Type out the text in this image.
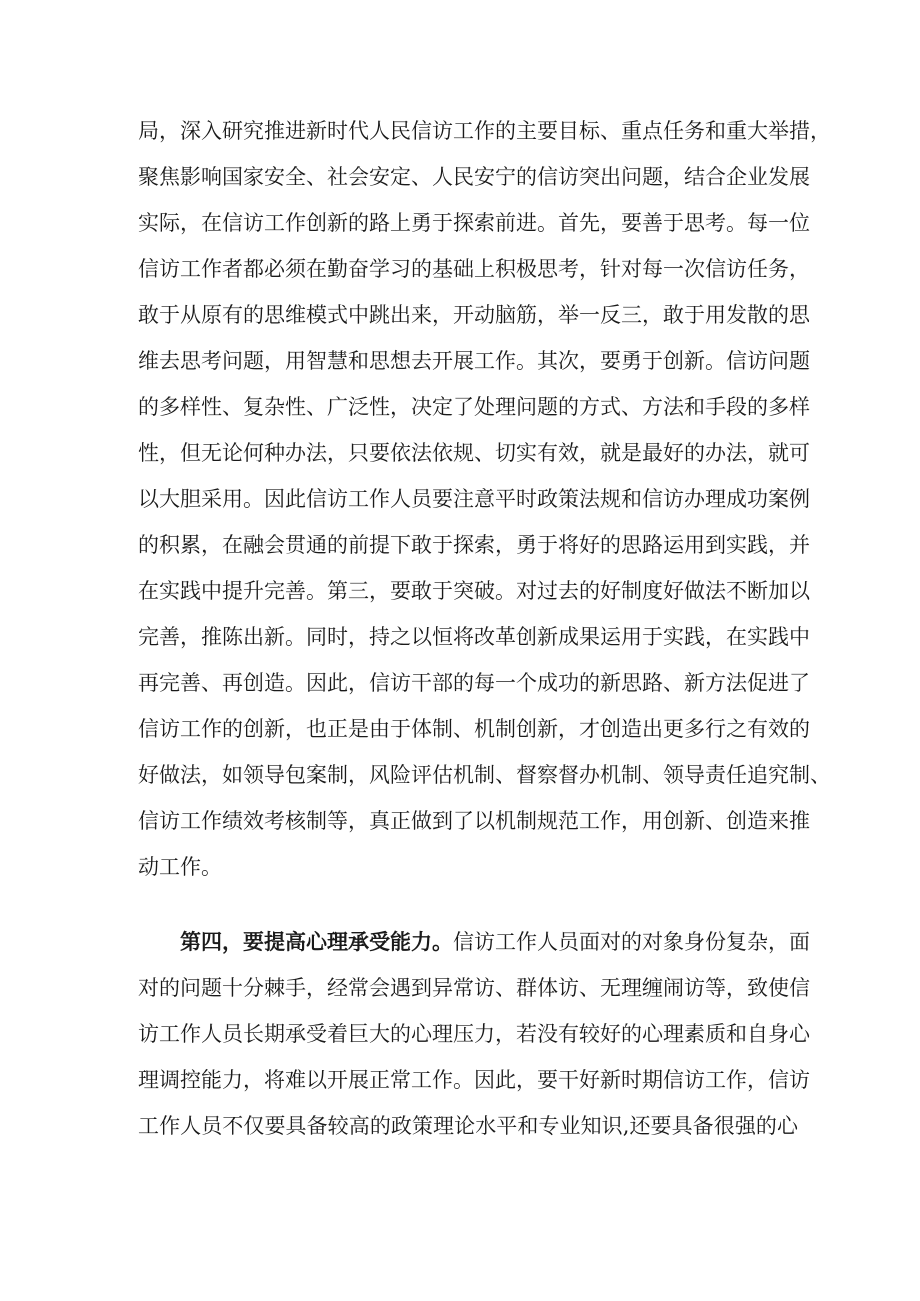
局，深入研究推进新时代人民信访工作的主要目标、重点任务和重大举措，
聚焦影响国家安全、社会安定、人民安宁的信访突出问题，结合企业发展
实际，在信访工作创新的路上勇于探索前进。首先，要善于思考。每一位
信访工作者都必须在勤奋学习的基础上积极思考，针对每一次信访任务，
敢于从原有的思维模式中跳出来，开动脑筋，举一反三，敢于用发散的思
维去思考问题，用智慧和思想去开展工作。其次，要勇于创新。信访问题
的多样性、复杂性、广泛性，决定了处理问题的方式、方法和手段的多样
性，但无论何种办法，只要依法依规、切实有效，就是最好的办法，就可
以大胆采用。因此信访工作人员要注意平时政策法规和信访办理成功案例
的积累，在融会贯通的前提下敢于探索，勇于将好的思路运用到实践，并
在实践中提升完善。第三，要敢于突破。对过去的好制度好做法不断加以
完善，推陈出新。同时，持之以恒将改革创新成果运用于实践，在实践中
再完善、再创造。因此，信访干部的每一个成功的新思路、新方法促进了
信访工作的创新，也正是由于体制、机制创新，才创造出更多行之有效的
好做法，如领导包案制，风险评估机制、督察督办机制、领导责任追究制、
信访工作绩效考核制等，真正做到了以机制规范工作，用创新、创造来推
动工作。
第四，要提高心理承受能力。信访工作人员面对的对象身份复杂，面
对的问题十分棘手，经常会遇到异常访、群体访、无理缠闹访等，致使信
访工作人员长期承受着巨大的心理压力，若没有较好的心理素质和自身心
理调控能力，将难以开展正常工作。因此，要干好新时期信访工作，信访
工作人员不仅要具备较高的政策理论水平和专业知识,还要具备很强的心
